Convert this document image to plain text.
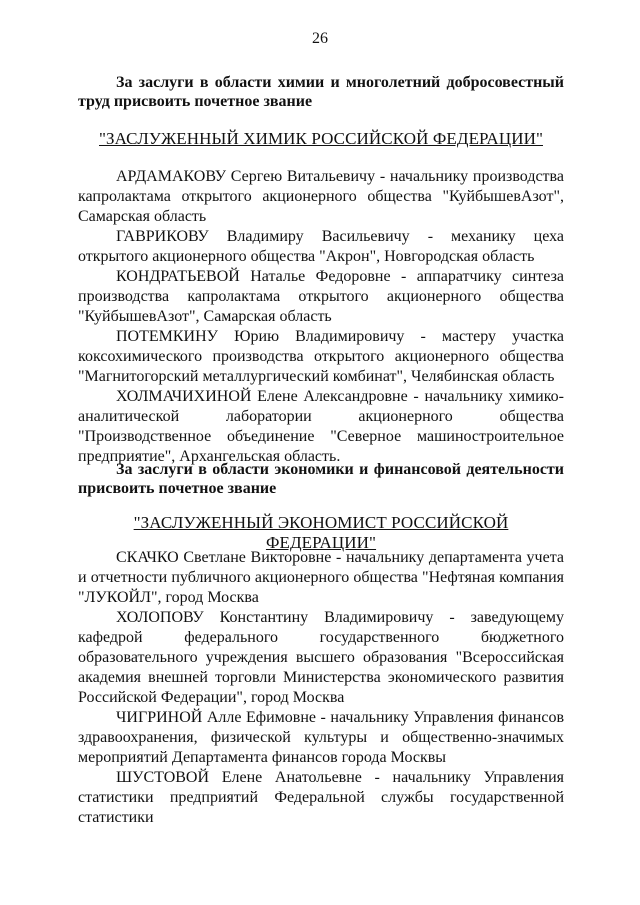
26
За заслуги в области химии и многолетний добросовестный труд присвоить почетное звание
"ЗАСЛУЖЕННЫЙ ХИМИК РОССИЙСКОЙ ФЕДЕРАЦИИ"

АРДАМАКОВУ Сергею Витальевичу - начальнику производства капролактама открытого акционерного общества "КуйбышевАзот", Самарская область

ГАВРИКОВУ Владимиру Васильевичу - механику цеха открытого акционерного общества "Акрон", Новгородская область

КОНДРАТЬЕВОЙ Наталье Федоровне - аппаратчику синтеза производства капролактама открытого акционерного общества "КуйбышевАзот", Самарская область

ПОТЕМКИНУ Юрию Владимировичу - мастеру участка коксохимического производства открытого акционерного общества "Магнитогорский металлургический комбинат", Челябинская область

ХОЛМАЧИХИНОЙ Елене Александровне - начальнику химико-аналитической лаборатории акционерного общества "Производственное объединение "Северное машиностроительное предприятие", Архангельская область.

За заслуги в области экономики и финансовой деятельности присвоить почетное звание
"ЗАСЛУЖЕННЫЙ ЭКОНОМИСТ РОССИЙСКОЙ ФЕДЕРАЦИИ"

СКАЧКО Светлане Викторовне - начальнику департамента учета и отчетности публичного акционерного общества "Нефтяная компания "ЛУКОЙЛ", город Москва

ХОЛОПОВУ Константину Владимировичу - заведующему кафедрой федерального государственного бюджетного образовательного учреждения высшего образования "Всероссийская академия внешней торговли Министерства экономического развития Российской Федерации", город Москва

ЧИГРИНОЙ Алле Ефимовне - начальнику Управления финансов здравоохранения, физической культуры и общественно-значимых мероприятий Департамента финансов города Москвы

ШУСТОВОЙ Елене Анатольевне - начальнику Управления статистики предприятий Федеральной службы государственной статистики
